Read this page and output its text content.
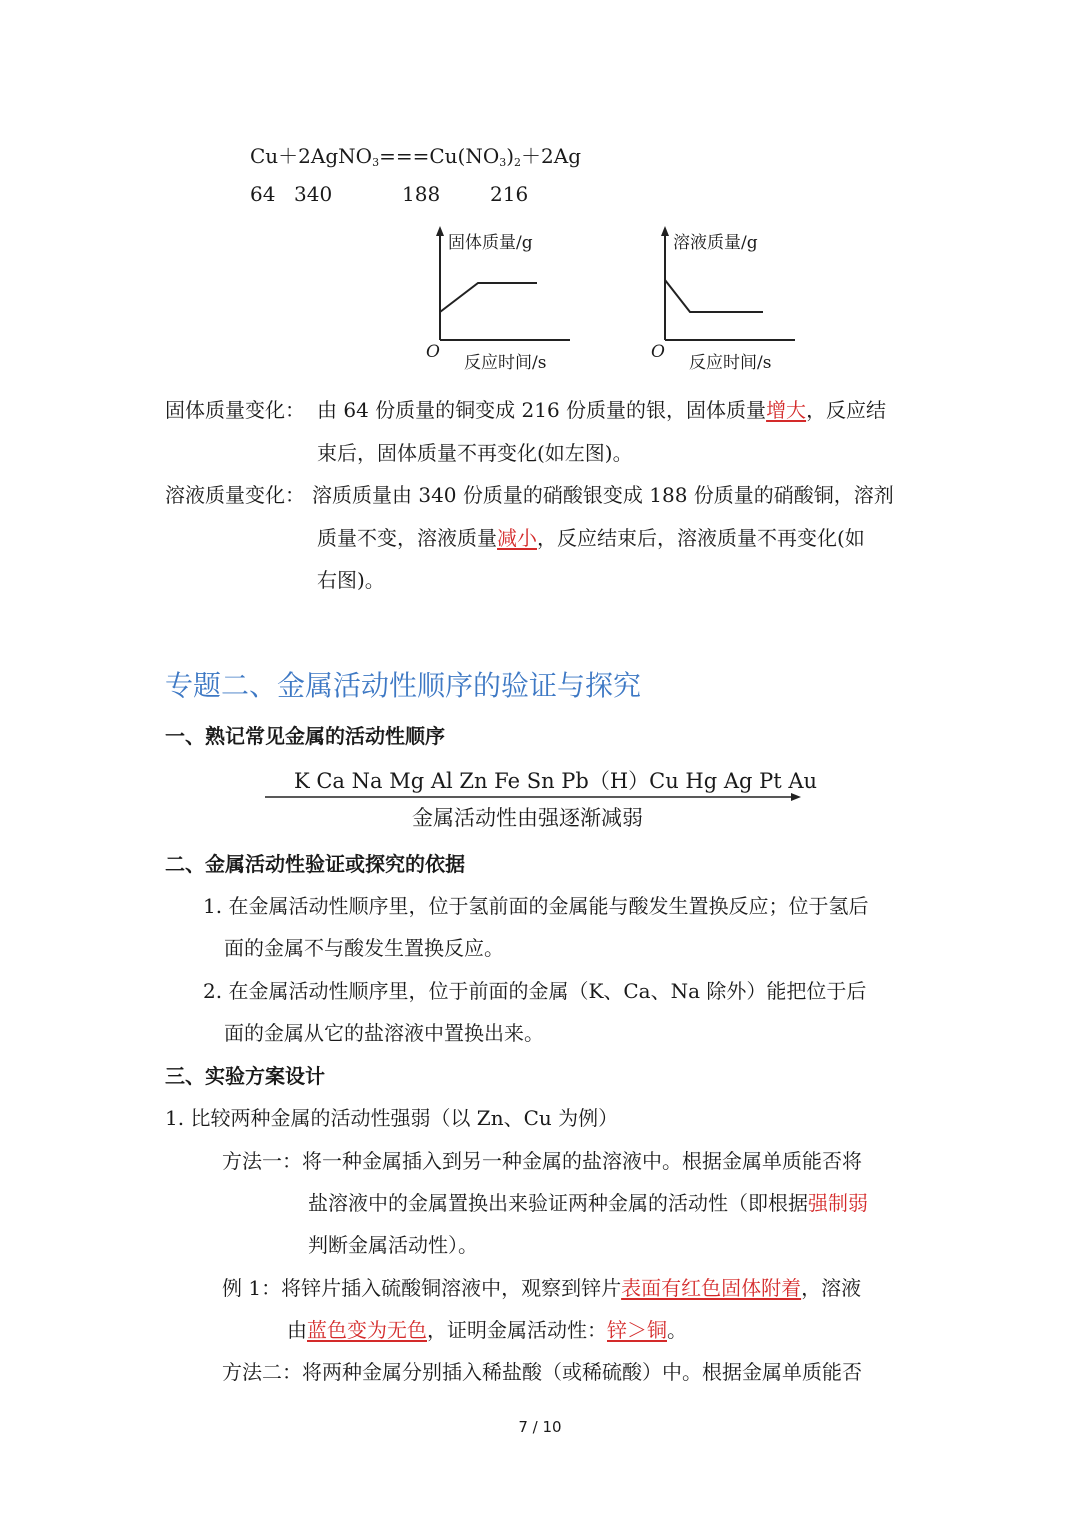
$Cu+2AgNO_3===Cu(NO_3)_2+2Ag$
64 340	188 216
固体质量/g
O
反应时间/s
溶液质量/g
O
反应时间/s
固体质量变化： 由 64 份质量的铜变成 216 份质量的银，固体质量增大，反应结
束后，固体质量不再变化(如左图)。
溶液质量变化： 溶质质量由 340 份质量的硝酸银变成 188 份质量的硝酸铜，溶剂
质量不变，溶液质量减小，反应结束后，溶液质量不再变化(如
右图)。
专题二、金属活动性顺序的验证与探究
一、熟记常见金属的活动性顺序
K Ca Na Mg Al Zn Fe Sn Pb（H）Cu Hg Ag Pt Au
金属活动性由强逐渐减弱
二、金属活动性验证或探究的依据
1. 在金属活动性顺序里，位于氢前面的金属能与酸发生置换反应；位于氢后
面的金属不与酸发生置换反应。
2. 在金属活动性顺序里，位于前面的金属（K、Ca、Na 除外）能把位于后
面的金属从它的盐溶液中置换出来。
三、实验方案设计
1. 比较两种金属的活动性强弱（以 Zn、Cu 为例）
方法一：将一种金属插入到另一种金属的盐溶液中。根据金属单质能否将
盐溶液中的金属置换出来验证两种金属的活动性（即根据强制弱
判断金属活动性）。
例 1：将锌片插入硫酸铜溶液中，观察到锌片表面有红色固体附着，溶液
由蓝色变为无色，证明金属活动性：锌＞铜。
方法二：将两种金属分别插入稀盐酸（或稀硫酸）中。根据金属单质能否
7 / 10
